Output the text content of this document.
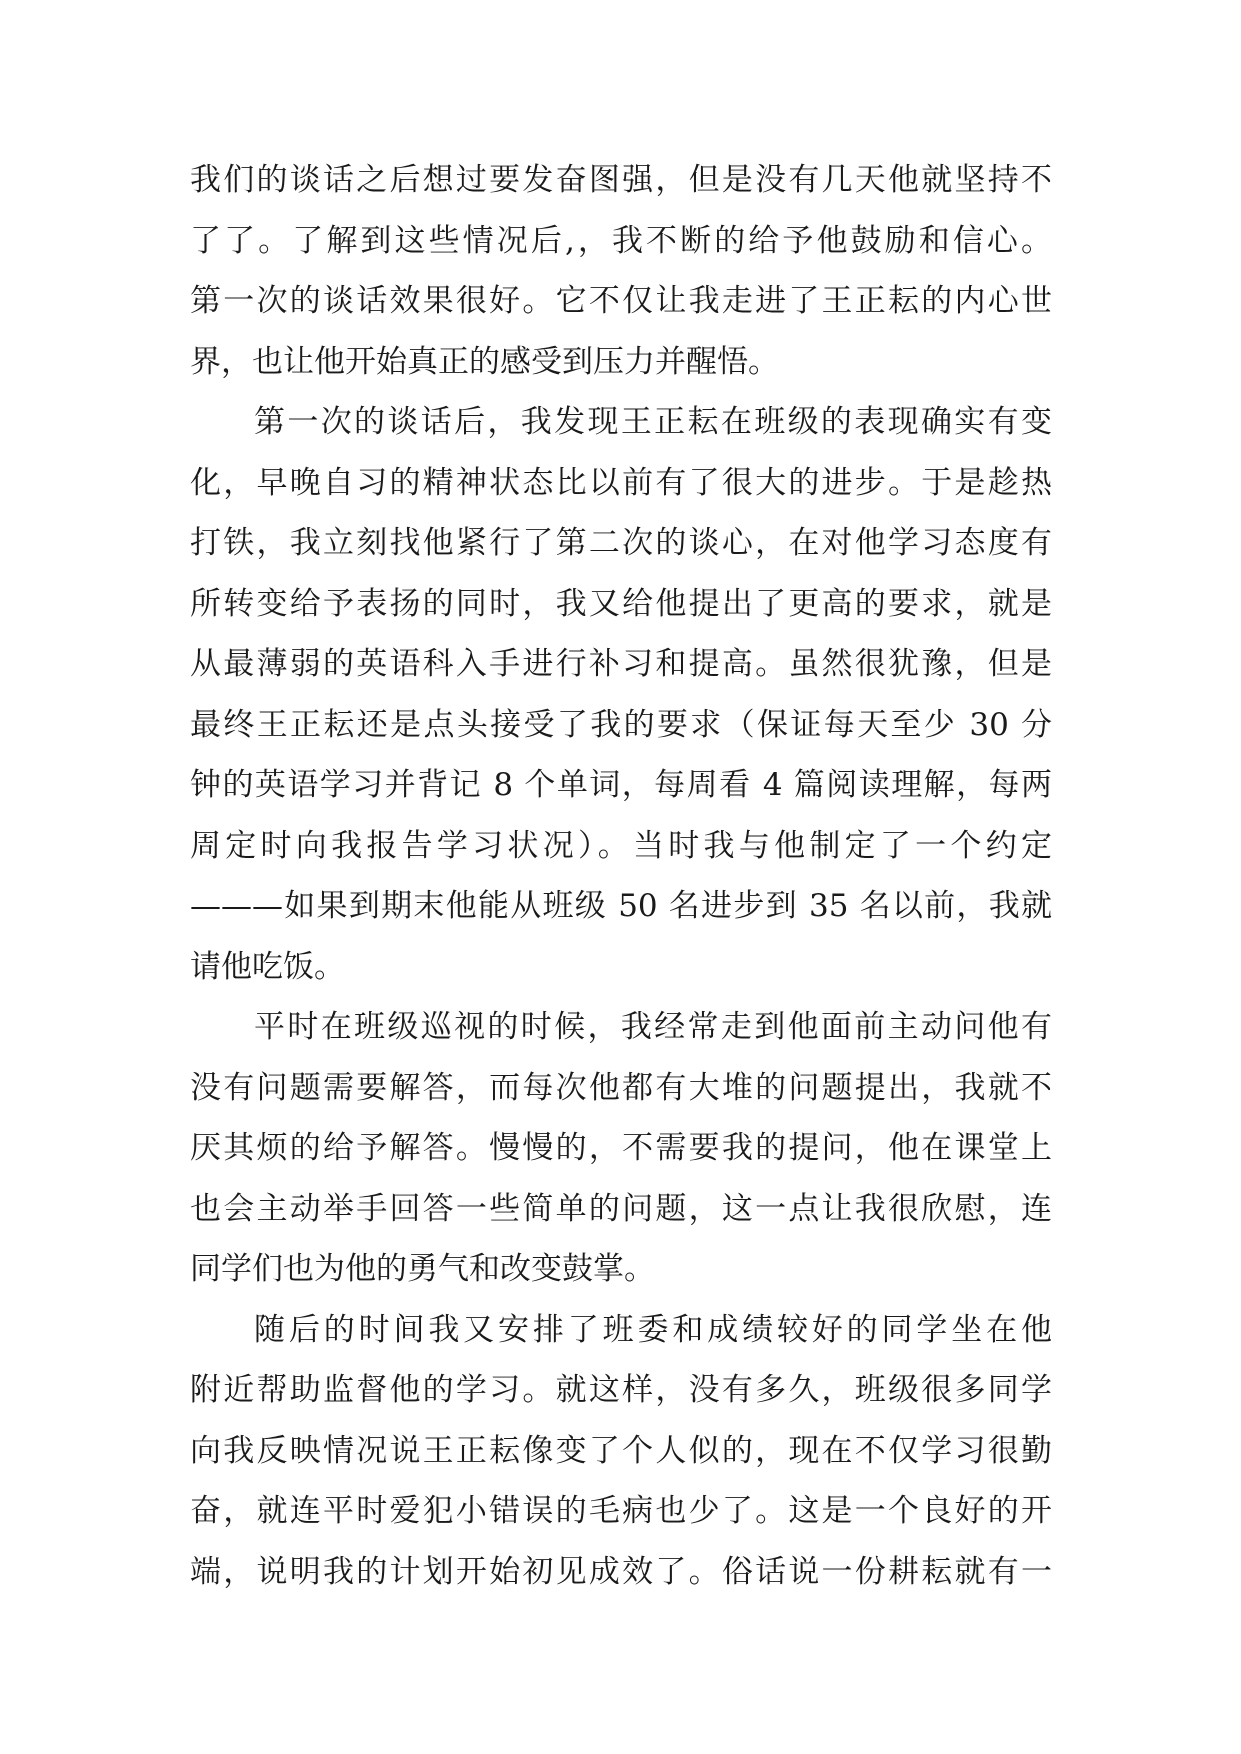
我们的谈话之后想过要发奋图强，但是没有几天他就坚持不
了了。了解到这些情况后,，我不断的给予他鼓励和信心。
第一次的谈话效果很好。它不仅让我走进了王正耘的内心世
界，也让他开始真正的感受到压力并醒悟。
第一次的谈话后，我发现王正耘在班级的表现确实有变
化，早晚自习的精神状态比以前有了很大的进步。于是趁热
打铁，我立刻找他紧行了第二次的谈心，在对他学习态度有
所转变给予表扬的同时，我又给他提出了更高的要求，就是
从最薄弱的英语科入手进行补习和提高。虽然很犹豫，但是
最终王正耘还是点头接受了我的要求（保证每天至少 30 分
钟的英语学习并背记 8 个单词，每周看 4 篇阅读理解，每两
周定时向我报告学习状况）。当时我与他制定了一个约定
———如果到期末他能从班级 50 名进步到 35 名以前，我就
请他吃饭。
平时在班级巡视的时候，我经常走到他面前主动问他有
没有问题需要解答，而每次他都有大堆的问题提出，我就不
厌其烦的给予解答。慢慢的，不需要我的提问，他在课堂上
也会主动举手回答一些简单的问题，这一点让我很欣慰，连
同学们也为他的勇气和改变鼓掌。
随后的时间我又安排了班委和成绩较好的同学坐在他
附近帮助监督他的学习。就这样，没有多久，班级很多同学
向我反映情况说王正耘像变了个人似的，现在不仅学习很勤
奋，就连平时爱犯小错误的毛病也少了。这是一个良好的开
端，说明我的计划开始初见成效了。俗话说一份耕耘就有一
